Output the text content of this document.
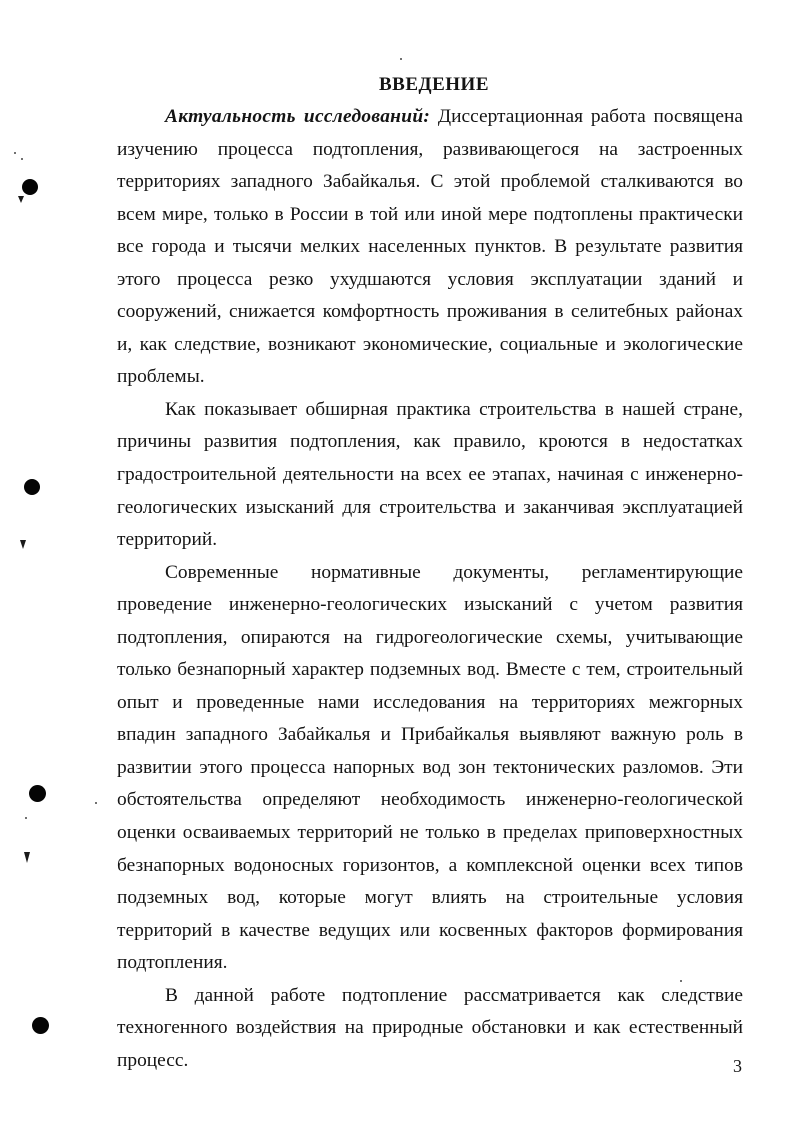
ВВЕДЕНИЕ

Актуальность исследований: Диссертационная работа посвящена изучению процесса подтопления, развивающегося на застроенных территориях западного Забайкалья. С этой проблемой сталкиваются во всем мире, только в России в той или иной мере подтоплены практически все города и тысячи мелких населенных пунктов. В результате развития этого процесса резко ухудшаются условия эксплуатации зданий и сооружений, снижается комфортность проживания в селитебных районах и, как следствие, возникают экономические, социальные и экологические проблемы.

Как показывает обширная практика строительства в нашей стране, причины развития подтопления, как правило, кроются в недостатках градостроительной деятельности на всех ее этапах, начиная с инженерно-геологических изысканий для строительства и заканчивая эксплуатацией территорий.

Современные нормативные документы, регламентирующие проведение инженерно-геологических изысканий с учетом развития подтопления, опираются на гидрогеологические схемы, учитывающие только безнапорный характер подземных вод. Вместе с тем, строительный опыт и проведенные нами исследования на территориях межгорных впадин западного Забайкалья и Прибайкалья выявляют важную роль в развитии этого процесса напорных вод зон тектонических разломов. Эти обстоятельства определяют необходимость инженерно-геологической оценки осваиваемых территорий не только в пределах приповерхностных безнапорных водоносных горизонтов, а комплексной оценки всех типов подземных вод, которые могут влиять на строительные условия территорий в качестве ведущих или косвенных факторов формирования подтопления.

В данной работе подтопление рассматривается как следствие техногенного воздействия на природные обстановки и как естественный процесс.	3
